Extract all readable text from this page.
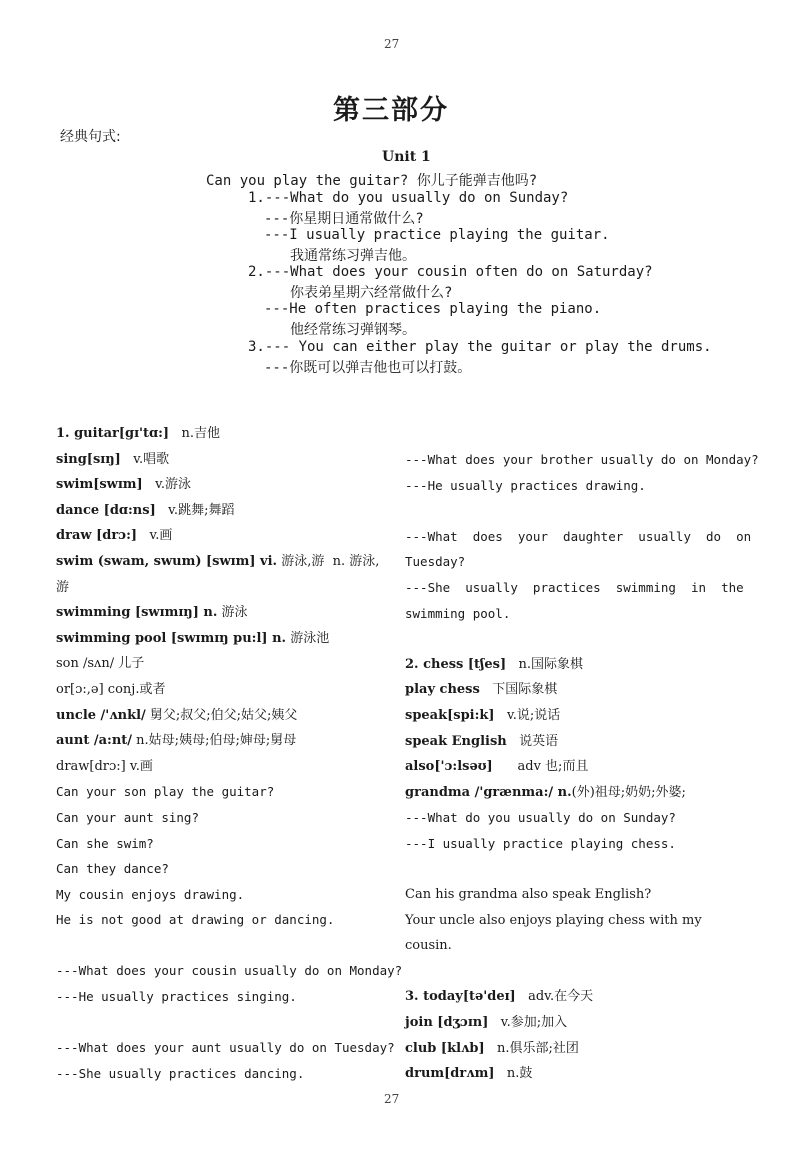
27
第三部分
经典句式:
Unit 1
Can you play the guitar? 你儿子能弹吉他吗?
1.---What do you usually do on Sunday?
---你星期日通常做什么?
---I usually practice playing the guitar.
我通常练习弹吉他。
2.---What does your cousin often do on Saturday?
你表弟星期六经常做什么?
---He often practices playing the piano.
他经常练习弹钢琴。
3.--- You can either play the guitar or play the drums.
---你既可以弹吉他也可以打鼓。
1. guitar[gɪ'tɑ:]   n.吉他
sing[sɪŋ]   v.唱歌
swim[swɪm]   v.游泳
dance [dɑ:ns]   v.跳舞;舞蹈
draw [drɔ:]   v.画
swim (swam, swum) [swɪm] vi. 游泳,游  n. 游泳,
游
swimming [swɪmɪŋ] n. 游泳
swimming pool [swɪmɪŋ pu:l] n. 游泳池
son /sʌn/ 儿子
or[ɔ:,ə] conj.或者
uncle /'ʌnkl/ 舅父;叔父;伯父;姑父;姨父
aunt /a:nt/ n.姑母;姨母;伯母;婶母;舅母
draw[drɔ:] v.画
Can your son play the guitar?
Can your aunt sing?
Can she swim?
Can they dance?
My cousin enjoys drawing.
He is not good at drawing or dancing.

---What does your cousin usually do on Monday?
---He usually practices singing.

---What does your aunt usually do on Tuesday?
---She usually practices dancing.
---What does your brother usually do on Monday?
---He usually practices drawing.

---What  does  your  daughter  usually  do  on
Tuesday?
---She  usually  practices  swimming  in  the
swimming pool.

2. chess [tʃes]   n.国际象棋
play chess   下国际象棋
speak[spi:k]   v.说;说话
speak English   说英语
also['ɔ:lsəʊ]      adv 也;而且
grandma /'grænma:/ n.(外)祖母;奶奶;外婆;
---What do you usually do on Sunday?
---I usually practice playing chess.

Can his grandma also speak English?
Your uncle also enjoys playing chess with my
cousin.

3. today[tə'deɪ]   adv.在今天
join [dʒɔɪn]   v.参加;加入
club [klʌb]   n.俱乐部;社团
drum[drʌm]   n.鼓
27
